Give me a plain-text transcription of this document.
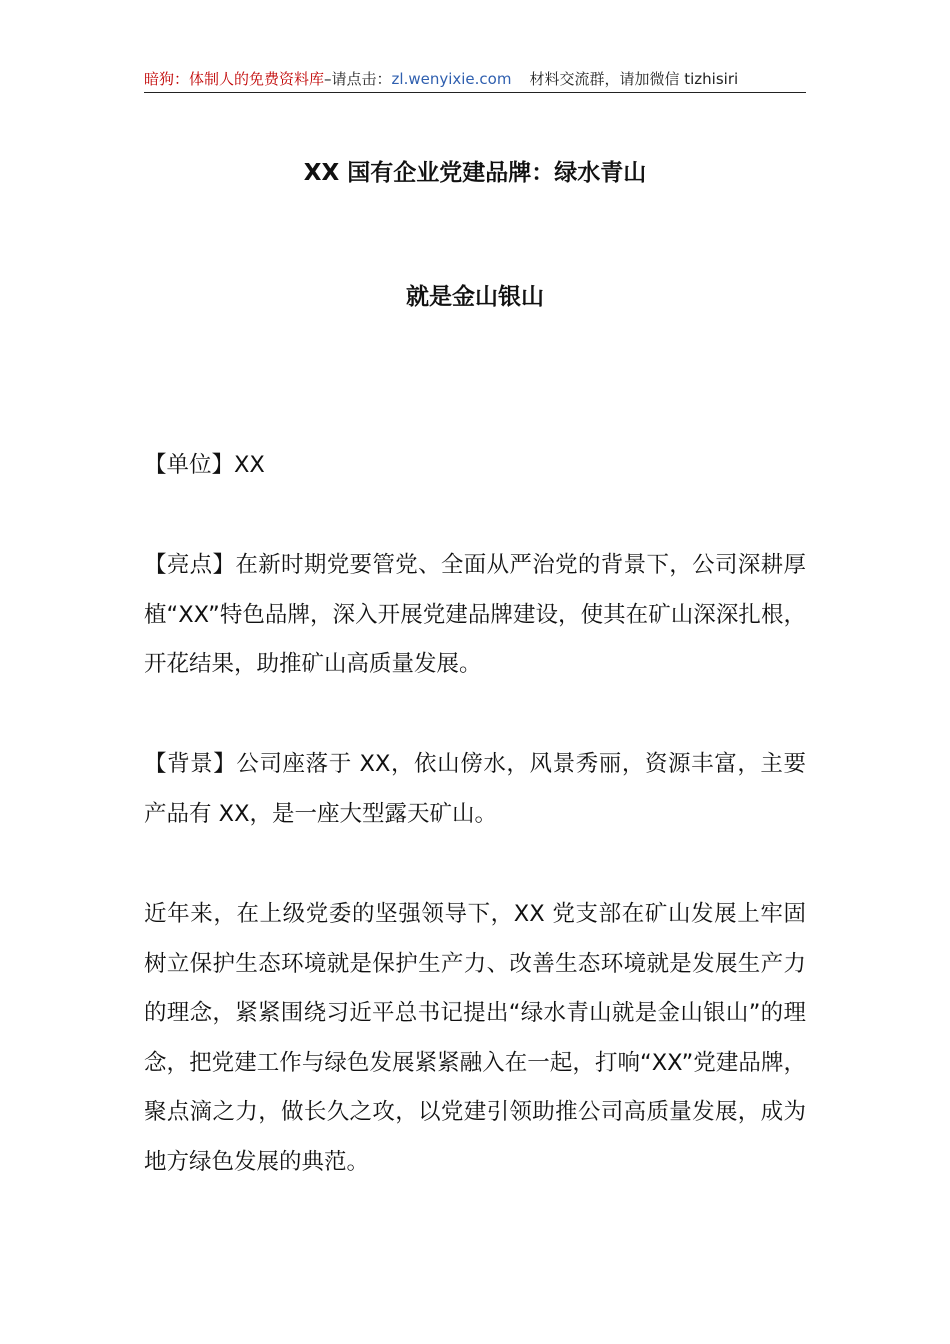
暗狗：体制人的免费资料库–请点击：zl.wenyixie.com 材料交流群，请加微信 tizhisiri
XX 国有企业党建品牌：绿水青山
就是金山银山

【单位】XX

【亮点】在新时期党要管党、全面从严治党的背景下，公司深耕厚植“XX”特色品牌，深入开展党建品牌建设，使其在矿山深深扎根，开花结果，助推矿山高质量发展。

【背景】公司座落于 XX，依山傍水，风景秀丽，资源丰富，主要产品有 XX，是一座大型露天矿山。

近年来，在上级党委的坚强领导下，XX 党支部在矿山发展上牢固树立保护生态环境就是保护生产力、改善生态环境就是发展生产力的理念，紧紧围绕习近平总书记提出“绿水青山就是金山银山”的理念，把党建工作与绿色发展紧紧融入在一起，打响“XX”党建品牌，聚点滴之力，做长久之攻，以党建引领助推公司高质量发展，成为地方绿色发展的典范。
